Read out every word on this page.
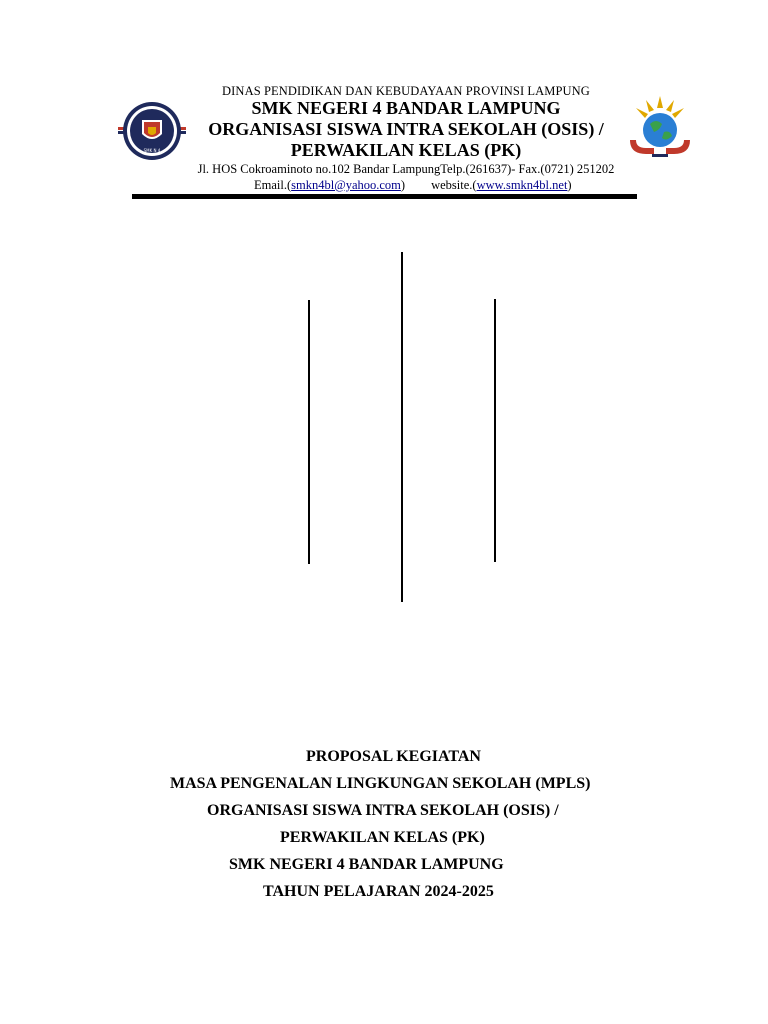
SMK N 4
DINAS PENDIDIKAN DAN KEBUDAYAAN PROVINSI LAMPUNG
SMK NEGERI 4 BANDAR LAMPUNG
ORGANISASI SISWA INTRA SEKOLAH (OSIS) /
PERWAKILAN KELAS (PK)
Jl. HOS Cokroaminoto no.102 Bandar LampungTelp.(261637)- Fax.(0721) 251202
Email.(smkn4bl@yahoo.com) website.(www.smkn4bl.net)
PROPOSAL KEGIATAN
MASA PENGENALAN LINGKUNGAN SEKOLAH (MPLS)
ORGANISASI SISWA INTRA SEKOLAH (OSIS) /
PERWAKILAN KELAS (PK)
SMK NEGERI 4 BANDAR LAMPUNG
TAHUN PELAJARAN 2024-2025
